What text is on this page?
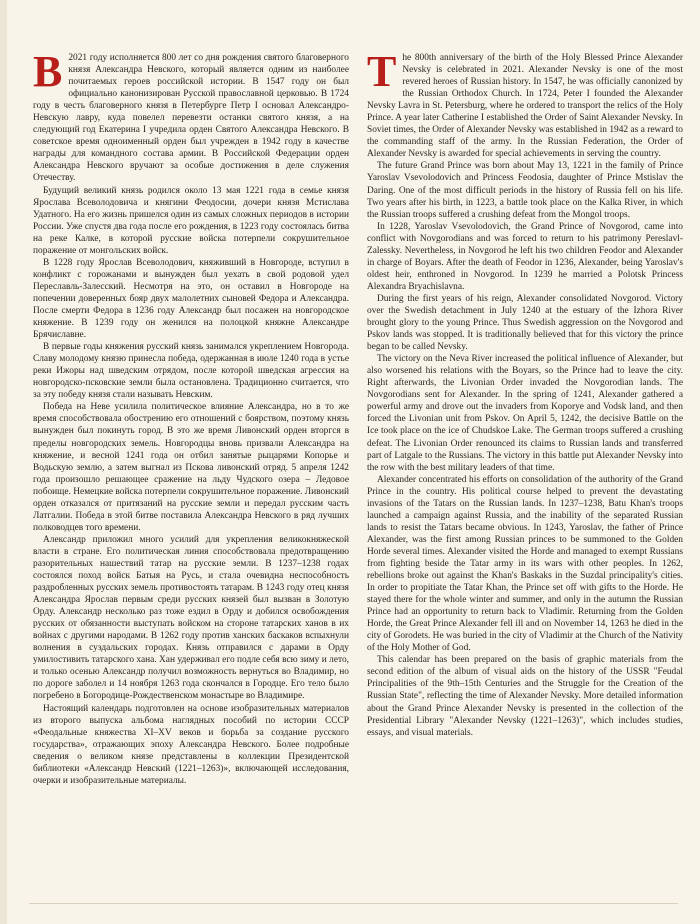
В 2021 году исполняется 800 лет со дня рождения святого благоверного князя Александра Невского, который является одним из наиболее почитаемых героев российской истории. В 1547 году он был официально канонизирован Русской православной церковью. В 1724 году в честь благоверного князя в Петербурге Петр I основал Александро-Невскую лавру, куда повелел перевезти останки святого князя, а на следующий год Екатерина I учредила орден Святого Александра Невского. В советское время одноименный орден был учрежден в 1942 году в качестве награды для командного состава армии. В Российской Федерации орден Александра Невского вручают за особые достижения в деле служения Отечеству.

Будущий великий князь родился около 13 мая 1221 года в семье князя Ярослава Всеволодовича и княгини Феодосии, дочери князя Мстислава Удатного. На его жизнь пришелся один из самых сложных периодов в истории России. Уже спустя два года после его рождения, в 1223 году состоялась битва на реке Калке, в которой русские войска потерпели сокрушительное поражение от монгольских войск.

В 1228 году Ярослав Всеволодович, княживший в Новгороде, вступил в конфликт с горожанами и вынужден был уехать в свой родовой удел Переславль-Залесский. Несмотря на это, он оставил в Новгороде на попечении доверенных бояр двух малолетних сыновей Федора и Александра. После смерти Федора в 1236 году Александр был посажен на новгородское княжение. В 1239 году он женился на полоцкой княжне Александре Брячиславне.

В первые годы княжения русский князь занимался укреплением Новгорода. Славу молодому князю принесла победа, одержанная в июле 1240 года в устье реки Ижоры над шведским отрядом, после которой шведская агрессия на новгородско-псковские земли была остановлена. Традиционно считается, что за эту победу князя стали называть Невским.

Победа на Неве усилила политическое влияние Александра, но в то же время способствовала обострению его отношений с боярством, поэтому князь вынужден был покинуть город. В это же время Ливонский орден вторгся в пределы новгородских земель. Новгородцы вновь призвали Александра на княжение, и весной 1241 года он отбил занятые рыцарями Копорье и Водьскую землю, а затем выгнал из Пскова ливонский отряд. 5 апреля 1242 года произошло решающее сражение на льду Чудского озера – Ледовое побоище. Немецкие войска потерпели сокрушительное поражение. Ливонский орден отказался от притязаний на русские земли и передал русским часть Латгалии. Победа в этой битве поставила Александра Невского в ряд лучших полководцев того времени.

Александр приложил много усилий для укрепления великокняжеской власти в стране. Его политическая линия способствовала предотвращению разорительных нашествий татар на русские земли. В 1237–1238 годах состоялся поход войск Батыя на Русь, и стала очевидна неспособность раздробленных русских земель противостоять татарам. В 1243 году отец князя Александра Ярослав первым среди русских князей был вызван в Золотую Орду. Александр несколько раз тоже ездил в Орду и добился освобождения русских от обязанности выступать войском на стороне татарских ханов в их войнах с другими народами. В 1262 году против ханских баскаков вспыхнули волнения в суздальских городах. Князь отправился с дарами в Орду умилостивить татарского хана. Хан удерживал его подле себя всю зиму и лето, и только осенью Александр получил возможность вернуться во Владимир, но по дороге заболел и 14 ноября 1263 года скончался в Городце. Его тело было погребено в Богородице-Рождественском монастыре во Владимире.

Настоящий календарь подготовлен на основе изобразительных материалов из второго выпуска альбома наглядных пособий по истории СССР «Феодальные княжества XI–XV веков и борьба за создание русского государства», отражающих эпоху Александра Невского. Более подробные сведения о великом князе представлены в коллекции Президентской библиотеки «Александр Невский (1221–1263)», включающей исследования, очерки и изобразительные материалы.

The 800th anniversary of the birth of the Holy Blessed Prince Alexander Nevsky is celebrated in 2021. Alexander Nevsky is one of the most revered heroes of Russian history. In 1547, he was officially canonized by the Russian Orthodox Church. In 1724, Peter I founded the Alexander Nevsky Lavra in St. Petersburg, where he ordered to transport the relics of the Holy Prince. A year later Catherine I established the Order of Saint Alexander Nevsky. In Soviet times, the Order of Alexander Nevsky was established in 1942 as a reward to the commanding staff of the army. In the Russian Federation, the Order of Alexander Nevsky is awarded for special achievements in serving the country.

The future Grand Prince was born about May 13, 1221 in the family of Prince Yaroslav Vsevolodovich and Princess Feodosia, daughter of Prince Mstislav the Daring. One of the most difficult periods in the history of Russia fell on his life. Two years after his birth, in 1223, a battle took place on the Kalka River, in which the Russian troops suffered a crushing defeat from the Mongol troops.

In 1228, Yaroslav Vsevolodovich, the Grand Prince of Novgorod, came into conflict with Novgorodians and was forced to return to his patrimony Pereslavl-Zalessky. Nevertheless, in Novgorod he left his two children Feodor and Alexander in charge of Boyars. After the death of Feodor in 1236, Alexander, being Yaroslav's oldest heir, enthroned in Novgorod. In 1239 he married a Polotsk Princess Alexandra Bryachislavna.

During the first years of his reign, Alexander consolidated Novgorod. Victory over the Swedish detachment in July 1240 at the estuary of the Izhora River brought glory to the young Prince. Thus Swedish aggression on the Novgorod and Pskov lands was stopped. It is traditionally believed that for this victory the prince began to be called Nevsky.

The victory on the Neva River increased the political influence of Alexander, but also worsened his relations with the Boyars, so the Prince had to leave the city. Right afterwards, the Livonian Order invaded the Novgorodian lands. The Novgorodians sent for Alexander. In the spring of 1241, Alexander gathered a powerful army and drove out the invaders from Koporye and Vodsk land, and then forced the Livonian unit from Pskov. On April 5, 1242, the decisive Battle on the Ice took place on the ice of Chudskoe Lake. The German troops suffered a crushing defeat. The Livonian Order renounced its claims to Russian lands and transferred part of Latgale to the Russians. The victory in this battle put Alexander Nevsky into the row with the best military leaders of that time.

Alexander concentrated his efforts on consolidation of the authority of the Grand Prince in the country. His political course helped to prevent the devastating invasions of the Tatars on the Russian lands. In 1237–1238, Batu Khan's troops launched a campaign against Russia, and the inability of the separated Russian lands to resist the Tatars became obvious. In 1243, Yaroslav, the father of Prince Alexander, was the first among Russian princes to be summoned to the Golden Horde several times. Alexander visited the Horde and managed to exempt Russians from fighting beside the Tatar army in its wars with other peoples. In 1262, rebellions broke out against the Khan's Baskaks in the Suzdal principality's cities. In order to propitiate the Tatar Khan, the Prince set off with gifts to the Horde. He stayed there for the whole winter and summer, and only in the autumn the Russian Prince had an opportunity to return back to Vladimir. Returning from the Golden Horde, the Great Prince Alexander fell ill and on November 14, 1263 he died in the city of Gorodets. He was buried in the city of Vladimir at the Church of the Nativity of the Holy Mother of God.

This calendar has been prepared on the basis of graphic materials from the second edition of the album of visual aids on the history of the USSR "Feudal Principalities of the 9th–15th Centuries and the Struggle for the Creation of the Russian State", reflecting the time of Alexander Nevsky. More detailed information about the Grand Prince Alexander Nevsky is presented in the collection of the Presidential Library "Alexander Nevsky (1221–1263)", which includes studies, essays, and visual materials.
